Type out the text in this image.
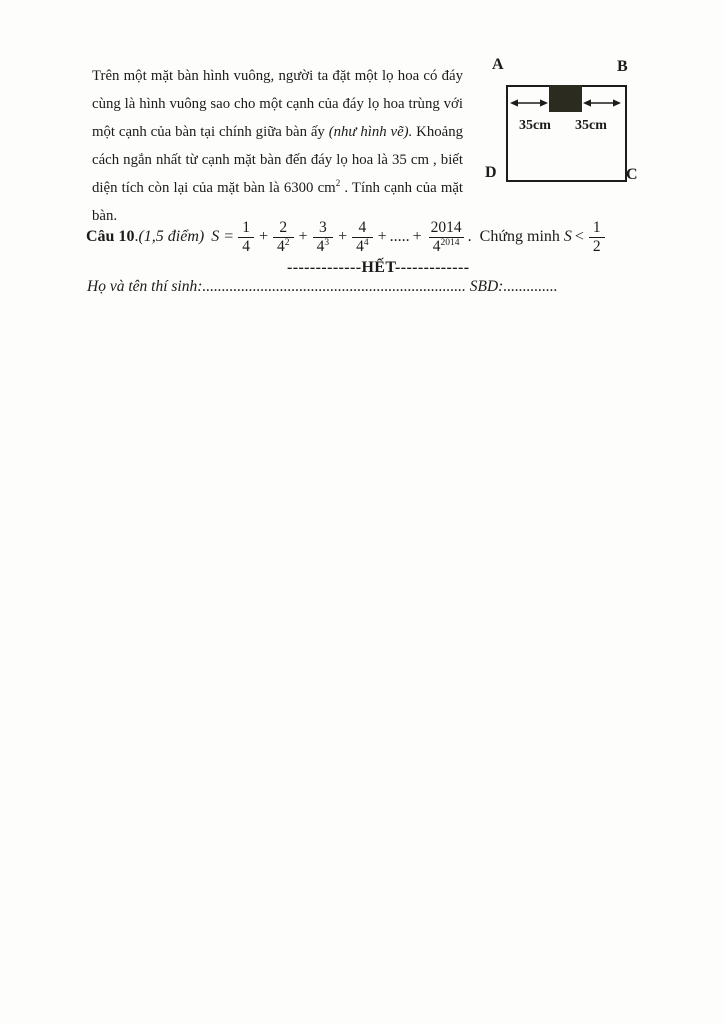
Trên một mặt bàn hình vuông, người ta đặt một lọ hoa có đáy
cùng là hình vuông sao cho một cạnh của đáy lọ hoa trùng với
một cạnh của bàn tại chính giữa bàn ấy (như hình vẽ). Khoảng
cách ngắn nhất từ cạnh mặt bàn đến đáy lọ hoa là 35 cm , biết
diện tích còn lại của mặt bàn là 6300 $cm^2$ . Tính cạnh của mặt
bàn.
A	B
D	C
35cm 35cm
Câu 10 . (1,5 điểm) $S = \frac{1}{4} + \frac{2}{4^2} + \frac{3}{4^3} + \frac{4}{4^4}$ + ..... + $\frac{2014}{4^{2014}}$ . Chứng minh $S < \frac{1}{2}$
-------------HẾT-------------
Họ và tên thí sinh:.................................................................... SBD:..............
